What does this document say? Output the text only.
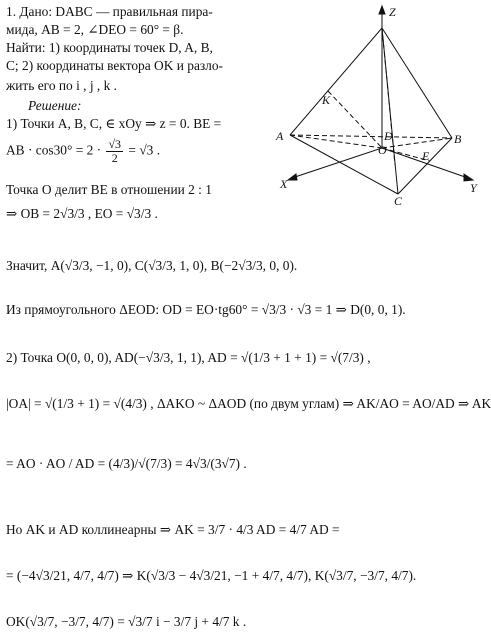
Z
K
A	D
O
B
E
X	Y
C
1. Дано: DABC — правильная пира-
мида, AB = 2, ∠DEO = 60° = β.
Найти: 1) координаты точек D, A, B,
C; 2) координаты вектора OK и разло-
жить его по i , j , k .
Решение:
1) Точки A, B, C, ∈ xOy ⇒ z = 0. BE =
AB · $\cos 30^\circ = 2 \cdot \frac{√3}{2} = √3$ .
Точка O делит BE в отношении 2 : 1
⇒ OB = 2√3/3 , EO = √3/3 .
Значит, A(√3/3, −1, 0), C(√3/3, 1, 0), B(−2√3/3, 0, 0).
Из прямоугольного ΔEOD: OD = EO·tg60° = √3/3 · √3 = 1 ⇒ D(0, 0, 1).
2) Точка O(0, 0, 0), AD(−√3/3, 1, 1), AD = √(1/3 + 1 + 1) = √(7/3) ,
|OA| = √(1/3 + 1) = √(4/3) , ΔAKO ~ ΔAOD (по двум углам) ⇒ AK/AO = AO/AD ⇒ AK
= AO · AO / AD = (4/3)/√(7/3) = 4√3/(3√7) .
Но AK и AD коллинеарны ⇒ AK = 3/7 · 4/3 AD = 4/7 AD =
= (−4√3/21, 4/7, 4/7) ⇒ K(√3/3 − 4√3/21, −1 + 4/7, 4/7), K(√3/7, −3/7, 4/7).
OK(√3/7, −3/7, 4/7) = √3/7 i − 3/7 j + 4/7 k .
